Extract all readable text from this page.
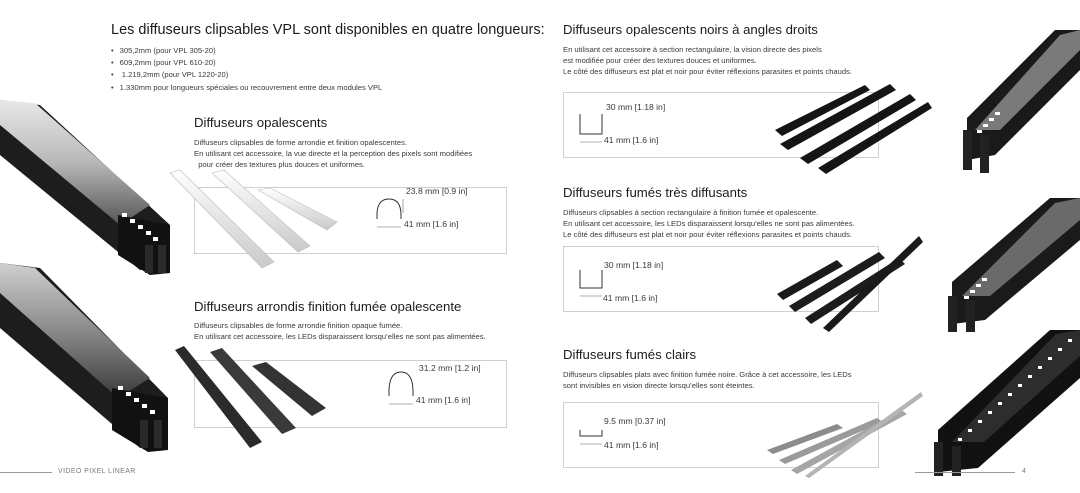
Les diffuseurs clipsables VPL sont disponibles en quatre longueurs:
• 305,2mm (pour VPL 305-20)
• 609,2mm (pour VPL 610-20)
• 1.219,2mm (pour VPL 1220-20)
• 1.330mm pour longueurs spéciales ou recouvrement entre deux modules VPL
Diffuseurs opalescents
Diffuseurs clipsables de forme arrondie et finition opalescentes.
En utilisant cet accessoire, la vue directe et la perception des pixels sont modifiées
pour créer des textures plus douces et uniformes.
23.8 mm [0.9 in]
41 mm [1.6 in]
Diffuseurs arrondis finition fumée opalescente
Diffuseurs clipsables de forme arrondie finition opaque fumée.
En utilisant cet accessoire, les LEDs disparaissent lorsqu’elles ne sont pas alimentées.
31.2 mm [1.2 in]
41 mm [1.6 in]
VIDEO PIXEL LINEAR
Diffuseurs opalescents noirs à angles droits
En utilisant cet accessoire à section rectangulaire, la vision directe des pixels
est modifiée pour créer des textures douces et uniformes.
Le côté des diffuseurs est plat et noir pour éviter réflexions parasites et points chauds.
30 mm [1.18 in]
41 mm [1.6 in]
Diffuseurs fumés très diffusants
Diffuseurs clipsables à section rectangulaire à finition fumée et opalescente.
En utilisant cet accessoire, les LEDs disparaissent lorsqu’elles ne sont pas alimentées.
Le côté des diffuseurs est plat et noir pour éviter réflexions parasites et points chauds.
30 mm [1.18 in]
41 mm [1.6 in]
Diffuseurs fumés clairs
Diffuseurs clipsables plats avec finition fumée noire. Grâce à cet accessoire, les LEDs
sont invisibles en vision directe lorsqu’elles sont éteintes.
9.5 mm [0.37 in]
41 mm [1.6 in]
4
